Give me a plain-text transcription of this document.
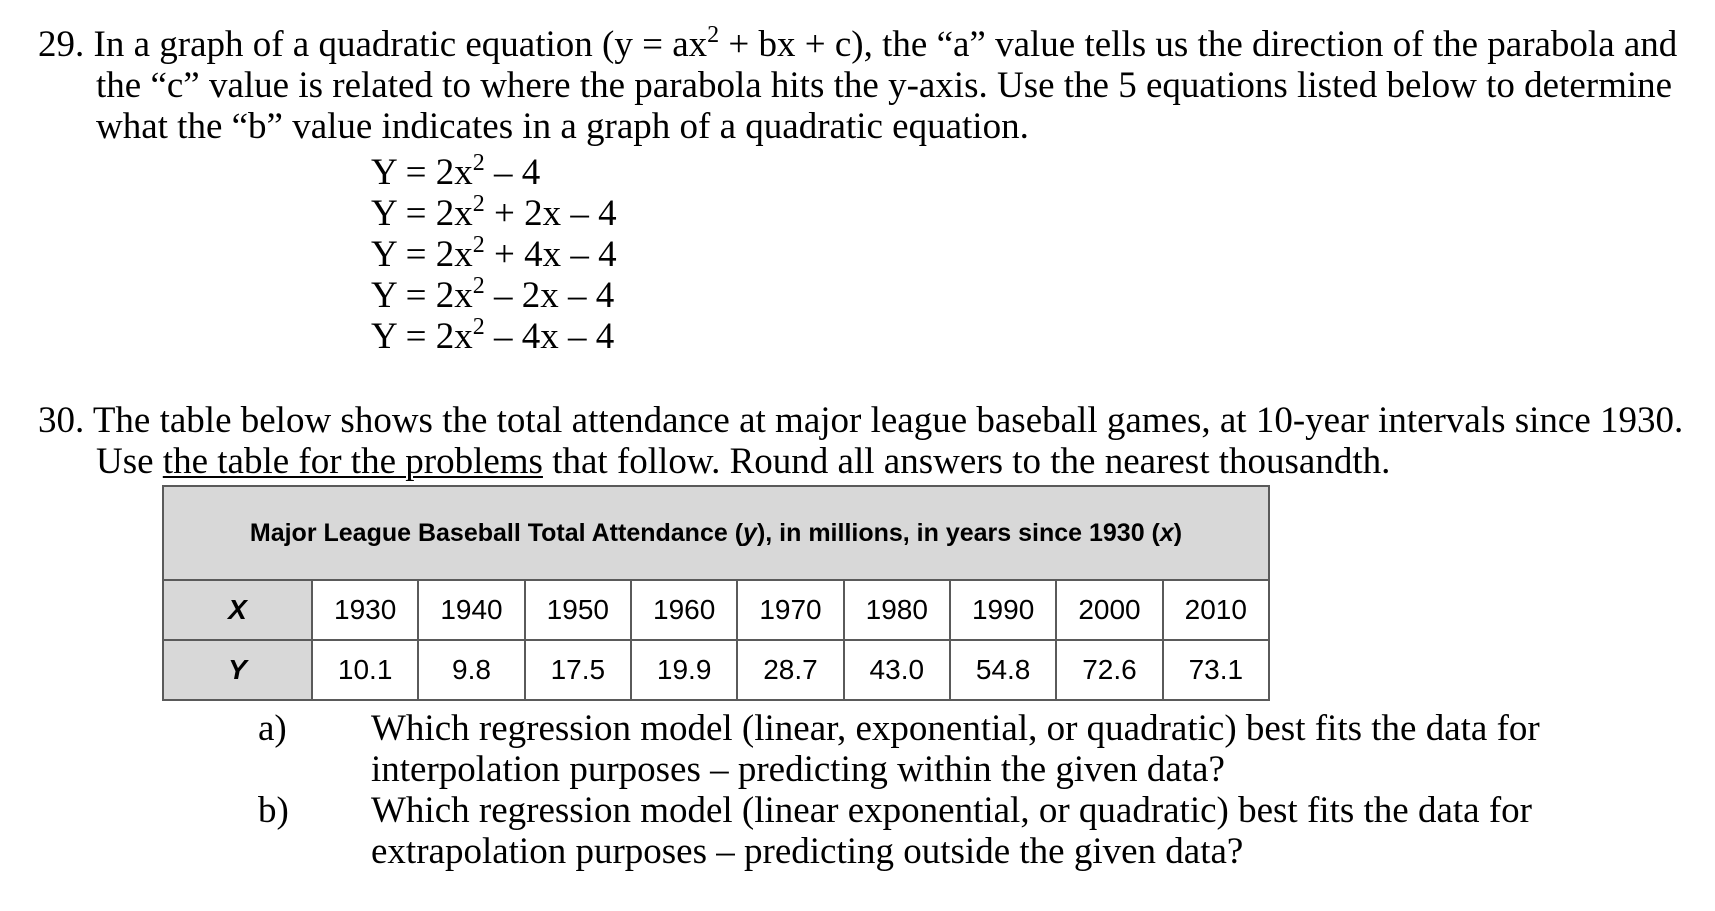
29. In a graph of a quadratic equation ($y = ax^2$ + bx + c), the “a” value tells us the direction of the parabola and
the “c” value is related to where the parabola hits the y-axis. Use the 5 equations listed below to determine
what the “b” value indicates in a graph of a quadratic equation.
$Y = 2x^2 - 4$
$Y = 2x^2 + 2x - 4$
$Y = 2x^2 + 4x - 4$
$Y = 2x^2 - 2x - 4$
$Y = 2x^2 - 4x - 4$
30. The table below shows the total attendance at major league baseball games, at 10-year intervals since 1930.
Use the table for the problems that follow. Round all answers to the nearest thousandth.
Major League Baseball Total Attendance ( y ), in millions, in years since 1930 ( x )
X	1930	1940	1950	1960	1970	1980	1990	2000	2010
Y	10.1	9.8	17.5	19.9	28.7	43.0	54.8	72.6	73.1
a) Which regression model (linear, exponential, or quadratic) best fits the data for
interpolation purposes – predicting within the given data?
b) Which regression model (linear exponential, or quadratic) best fits the data for
extrapolation purposes – predicting outside the given data?
